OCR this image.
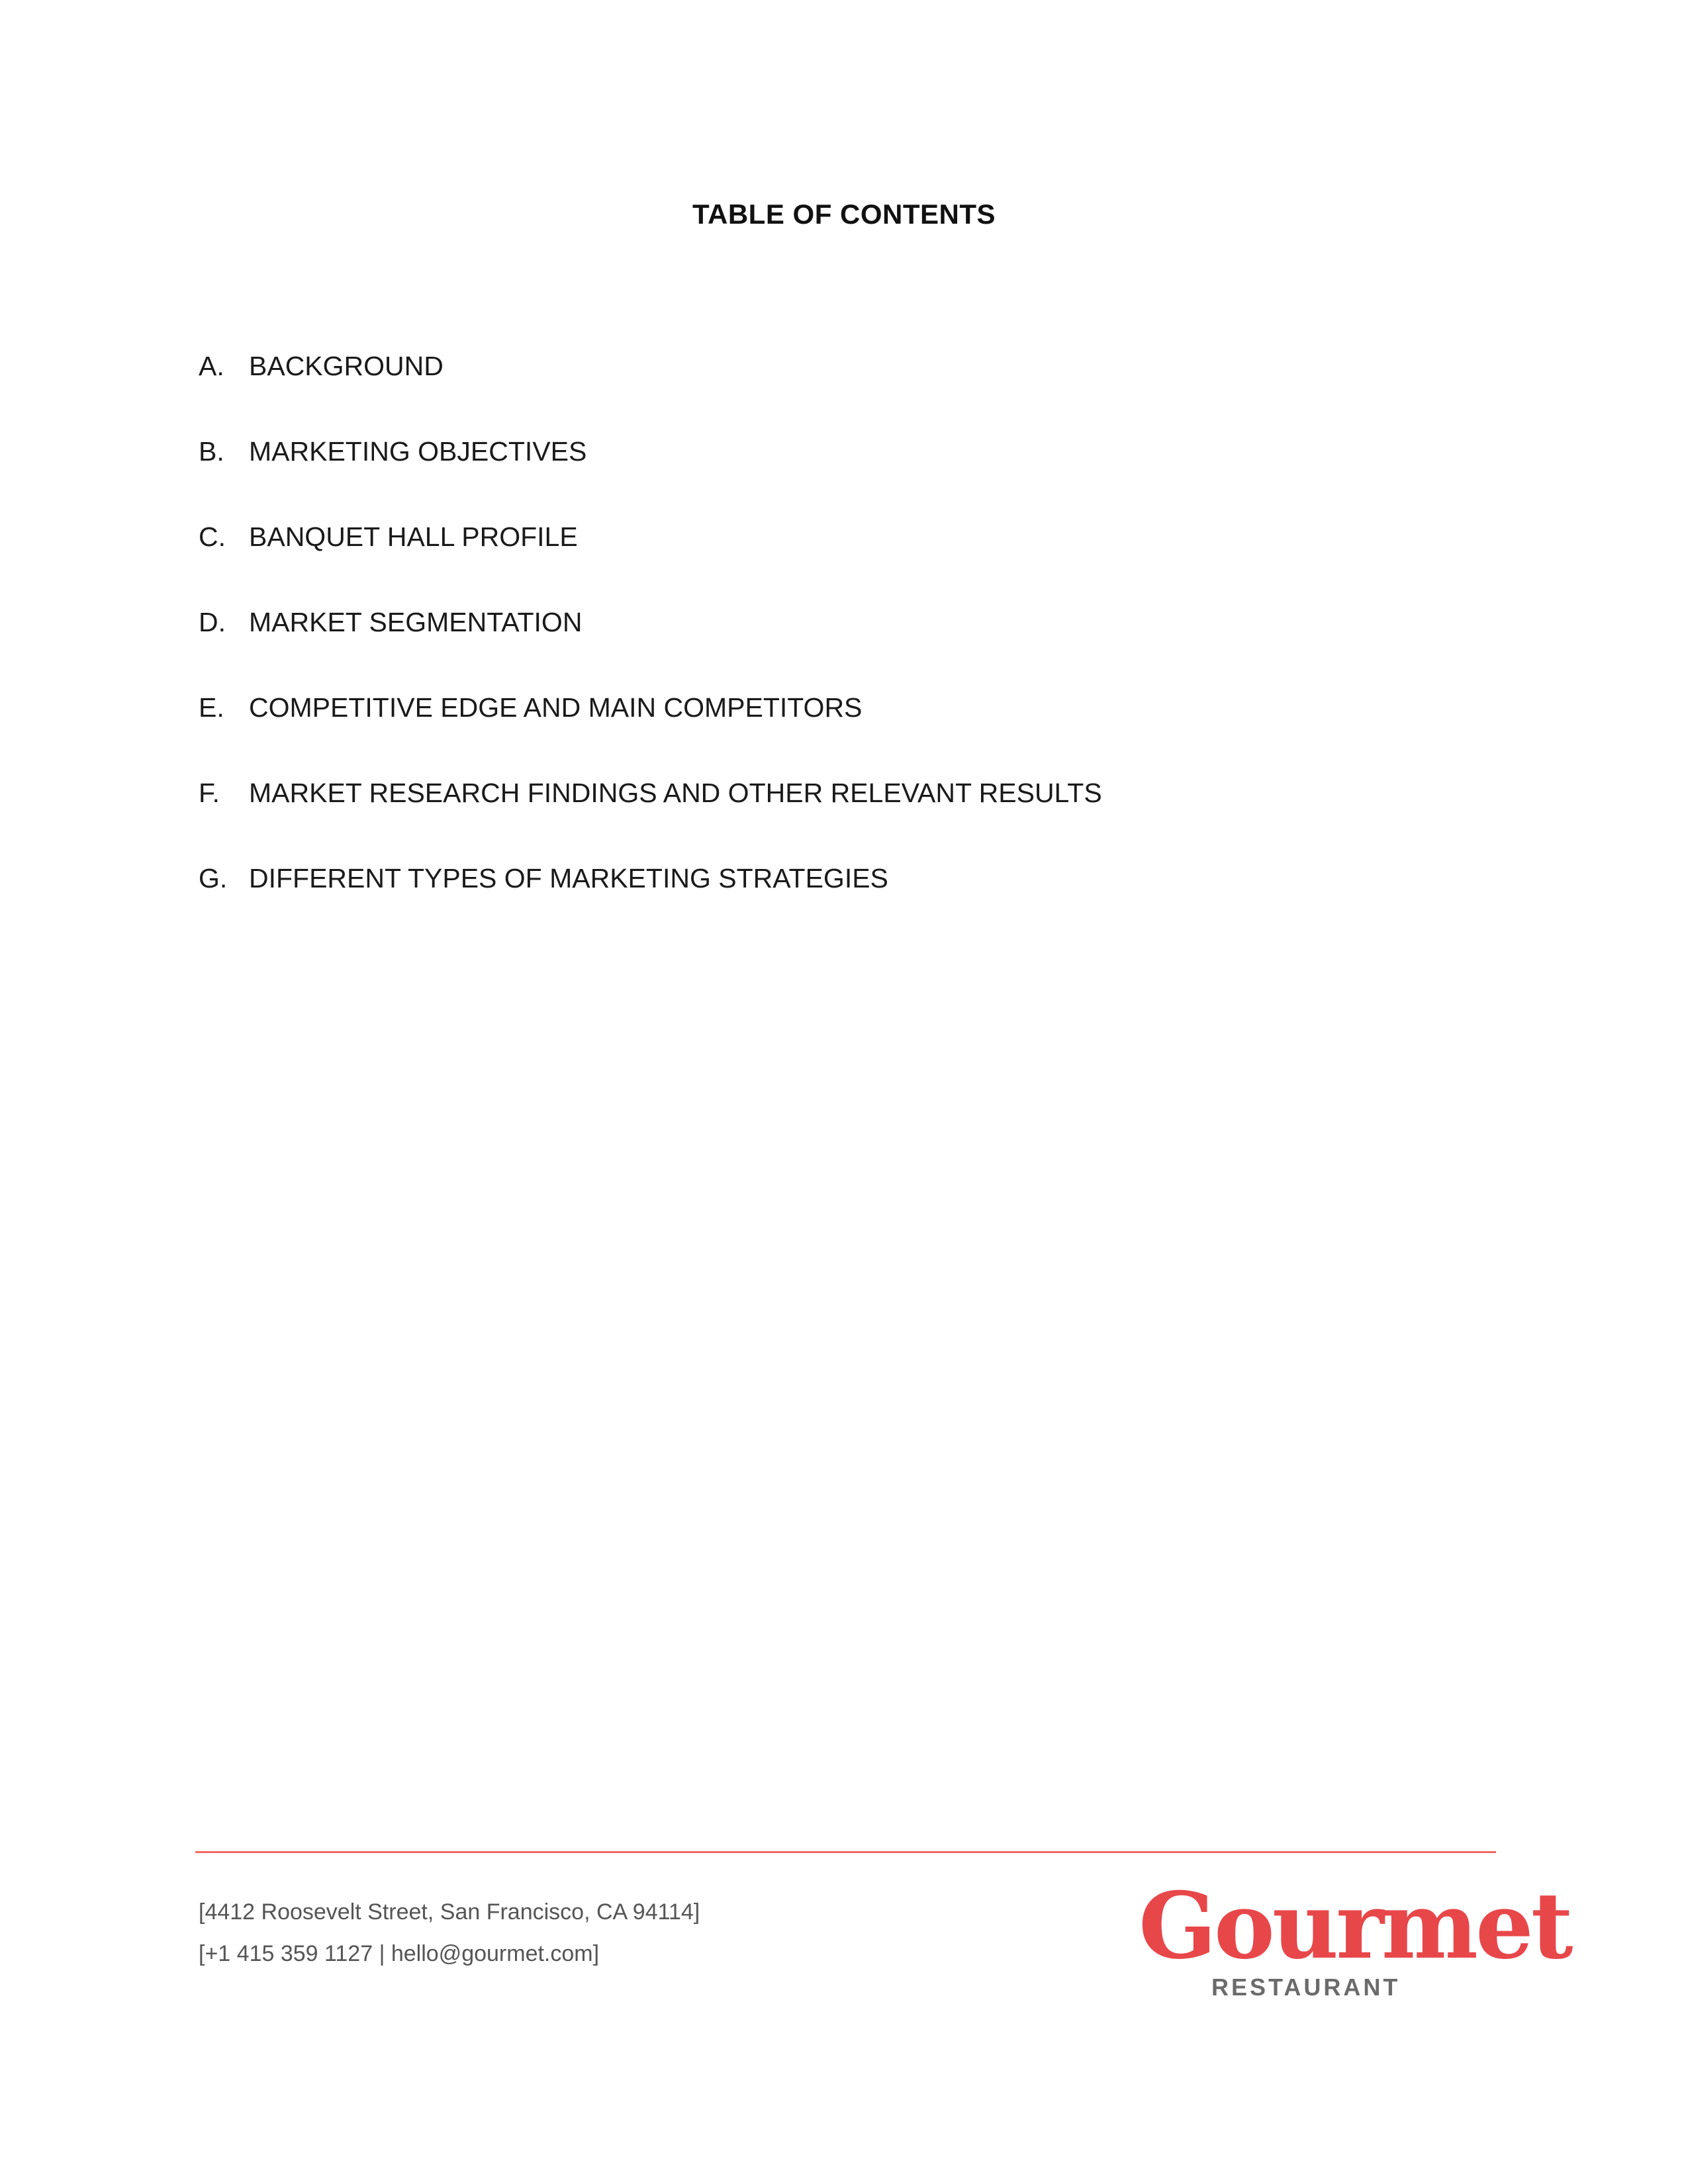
TABLE OF CONTENTS
A. BACKGROUND
B. MARKETING OBJECTIVES
C. BANQUET HALL PROFILE
D. MARKET SEGMENTATION
E. COMPETITIVE EDGE AND MAIN COMPETITORS
F.	MARKET RESEARCH FINDINGS AND OTHER RELEVANT RESULTS
G. DIFFERENT TYPES OF MARKETING STRATEGIES
[4412 Roosevelt Street, San Francisco, CA 94114]
[+1 415 359 1127 | hello@gourmet.com]	Gourmet
RESTAURANT
